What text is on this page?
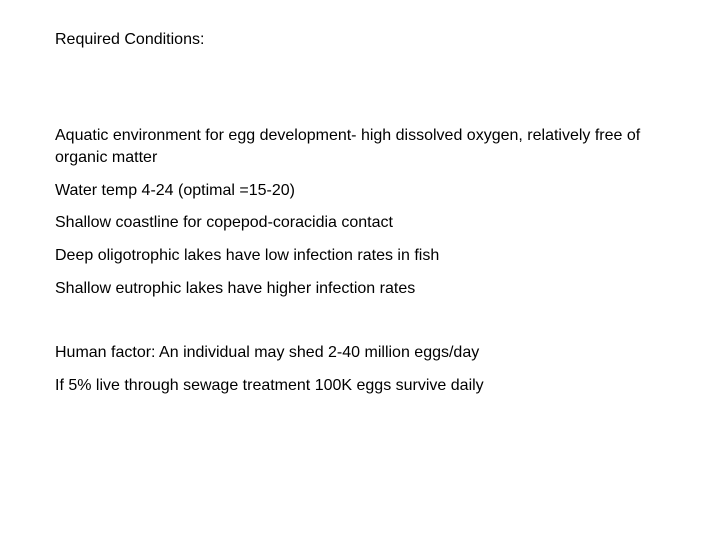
Required Conditions:
Aquatic environment for egg development- high dissolved oxygen, relatively free of organic matter
Water temp 4-24 (optimal =15-20)
Shallow coastline for copepod-coracidia contact
Deep oligotrophic lakes have low infection rates in fish
Shallow eutrophic lakes have higher infection rates
Human factor: An individual may shed 2-40 million eggs/day
If 5% live through sewage treatment 100K eggs survive daily
